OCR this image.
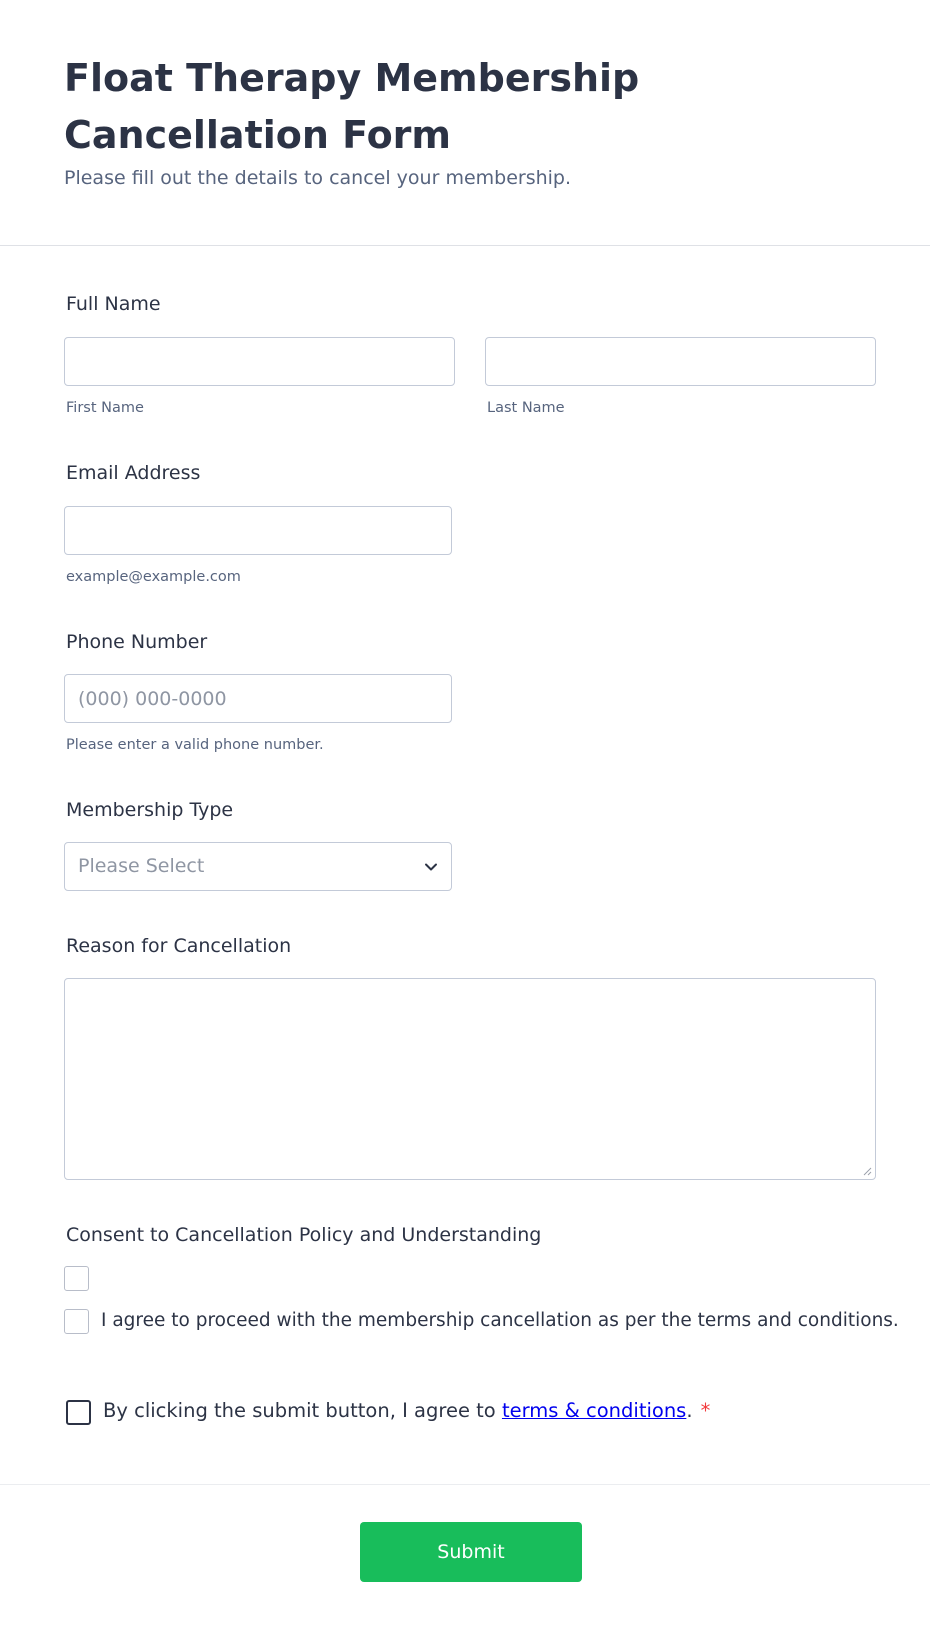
Float Therapy Membership Cancellation Form

Please fill out the details to cancel your membership.

Full Name
First Name	Last Name
Email Address
example@example.com
Phone Number
(000) 000-0000
Please enter a valid phone number.
Membership Type
Please Select
Reason for Cancellation
Consent to Cancellation Policy and Understanding
I agree to proceed with the membership cancellation as per the terms and conditions.
By clicking the submit button, I agree to terms & conditions. *
Submit
